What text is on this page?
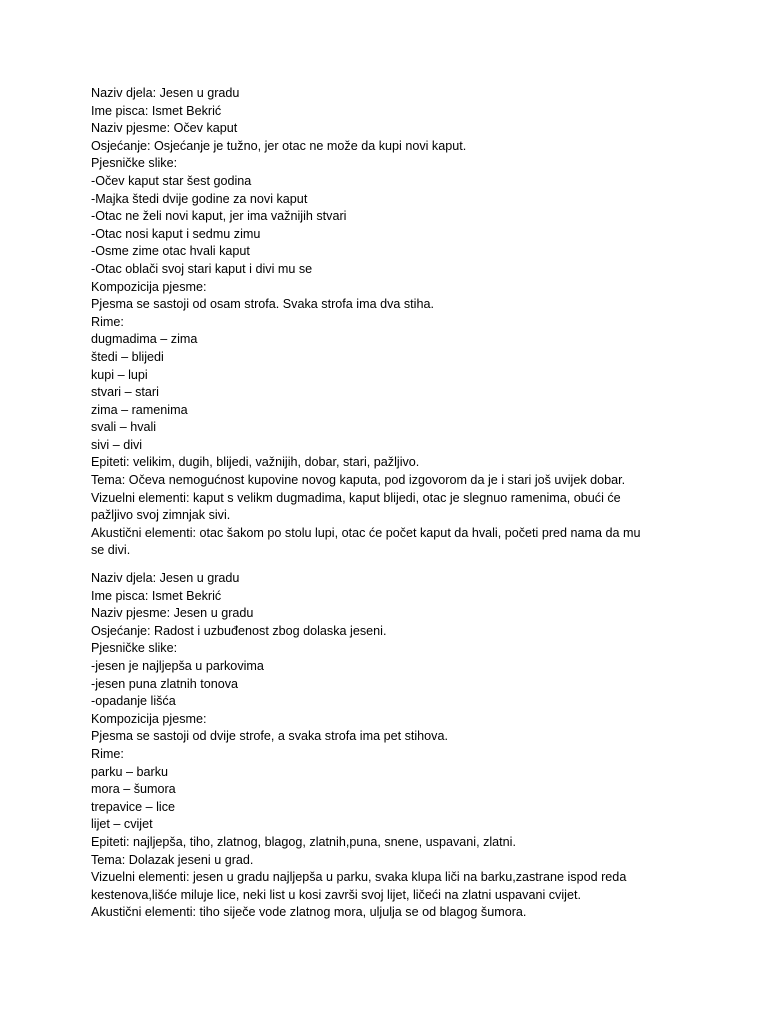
Naziv djela: Jesen u gradu
Ime pisca: Ismet Bekrić
Naziv pjesme: Očev kaput
Osjećanje: Osjećanje je tužno, jer otac ne može da kupi novi kaput.
Pjesničke slike:
-Očev kaput star šest godina
-Majka štedi dvije godine za novi kaput
-Otac ne želi novi kaput, jer ima važnijih stvari
-Otac nosi kaput i sedmu zimu
-Osme zime otac hvali kaput
-Otac oblači svoj stari kaput i divi mu se
Kompozicija pjesme:
Pjesma se sastoji od osam strofa. Svaka strofa ima dva stiha.
Rime:
dugmadima – zima
štedi – blijedi
kupi – lupi
stvari – stari
zima – ramenima
svali – hvali
sivi – divi
Epiteti: velikim, dugih, blijedi, važnijih, dobar, stari, pažljivo.
Tema: Očeva nemogućnost kupovine novog kaputa, pod izgovorom da je i stari još uvijek dobar.
Vizuelni elementi: kaput s velikm dugmadima, kaput blijedi, otac je slegnuo ramenima, obući će
pažljivo svoj zimnjak sivi.
Akustični elementi: otac šakom po stolu lupi, otac će počet kaput da hvali, početi pred nama da mu
se divi.
Naziv djela: Jesen u gradu
Ime pisca: Ismet Bekrić
Naziv pjesme: Jesen u gradu
Osjećanje: Radost i uzbuđenost zbog dolaska jeseni.
Pjesničke slike:
-jesen je najljepša u parkovima
-jesen puna zlatnih tonova
-opadanje lišća
Kompozicija pjesme:
Pjesma se sastoji od dvije strofe, a svaka strofa ima pet stihova.
Rime:
parku – barku
mora – šumora
trepavice – lice
lijet – cvijet
Epiteti: najljepša, tiho, zlatnog, blagog, zlatnih,puna, snene, uspavani, zlatni.
Tema: Dolazak jeseni u grad.
Vizuelni elementi: jesen u gradu najljepša u parku, svaka klupa liči na barku,zastrane ispod reda
kestenova,lišće miluje lice, neki list u kosi završi svoj lijet, ličeći na zlatni uspavani cvijet.
Akustični elementi: tiho siječe vode zlatnog mora, uljulja se od blagog šumora.
